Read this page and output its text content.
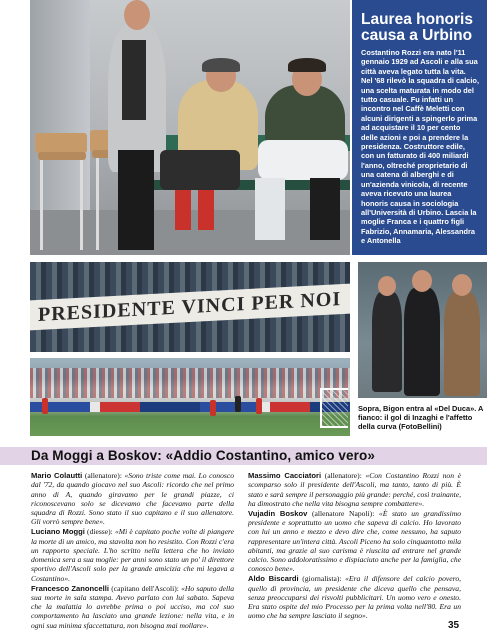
Laurea honoris causa a Urbino

Costantino Rozzi era nato l'11 gennaio 1929 ad Ascoli e alla sua città aveva legato tutta la vita. Nel '68 rilevò la squadra di calcio, una scelta maturata in modo del tutto casuale. Fu infatti un incontro nel Caffè Meletti con alcuni dirigenti a spingerlo prima ad acquistare il 10 per cento delle azioni e poi a prendere la presidenza. Costruttore edile, con un fatturato di 400 miliardi l'anno, oltreché proprietario di una catena di alberghi e di un'azienda vinicola, di recente aveva ricevuto una laurea honoris causa in sociologia all'Università di Urbino. Lascia la moglie Franca e i quattro figli Fabrizio, Annamaria, Alessandra e Antonella

PRESIDENTE VINCI PER NOI
Sopra, Bigon entra al «Del Duca». A fianco: il gol di Inzaghi e l'affetto della curva (FotoBellini)
Da Moggi a Boskov: «Addio Costantino, amico vero»

Mario Colautti (allenatore): «Sono triste come mai. Lo conosco dal '72, da quando giocavo nel suo Ascoli: ricordo che nel primo anno di A, quando giravamo per le grandi piazze, ci riconoscevano solo se dicevamo che facevamo parte della squadra di Rozzi. Sono stato il suo capitano e il suo allenatore. Gli vorrò sempre bene».

Luciano Moggi (diesse): «Mi è capitato poche volte di piangere la morte di un amico, ma stavolta non ho resistito. Con Rozzi c'era un rapporto speciale. L'ho scritto nella lettera che ho inviato domenica sera a sua moglie: per anni sono stato un po' il direttore sportivo dell'Ascoli solo per la grande amicizia che mi legava a Costantino».

Francesco Zanoncelli (capitano dell'Ascoli): «Ho saputo della sua morte in sala stampa. Avevo parlato con lui sabato. Sapeva che la malattia lo avrebbe prima o poi ucciso, ma col suo comportamento ha lasciato una grande lezione: nella vita, e in ogni sua minima sfaccettatura, non bisogna mai mollare».

Massimo Cacciatori (allenatore): «Con Costantino Rozzi non è scomparso solo il presidente dell'Ascoli, ma tanto, tanto di più. È stato e sarà sempre il personaggio più grande: perché, così trainante, ha dimostrato che nella vita bisogna sempre combattere».

Vujadin Boskov (allenatore Napoli): «È stato un grandissimo presidente e soprattutto un uomo che sapeva di calcio. Ho lavorato con lui un anno e mezzo e devo dire che, come nessuno, ha saputo rappresentare un'intera città. Ascoli Piceno ha solo cinquantotto mila abitanti, ma grazie al suo carisma è riuscita ad entrare nel grande calcio. Sono addoloratissimo e dispiaciuto anche per la famiglia, che conosco bene».

Aldo Biscardi (giornalista): «Era il difensore del calcio povero, quello di provincia, un presidente che diceva quello che pensava, senza preoccuparsi dei risvolti pubblicitari. Un uomo vero e onesto. Era stato ospite del mio Processo per la prima volta nell'80. Era un uomo che ha sempre lasciato il segno».

35
